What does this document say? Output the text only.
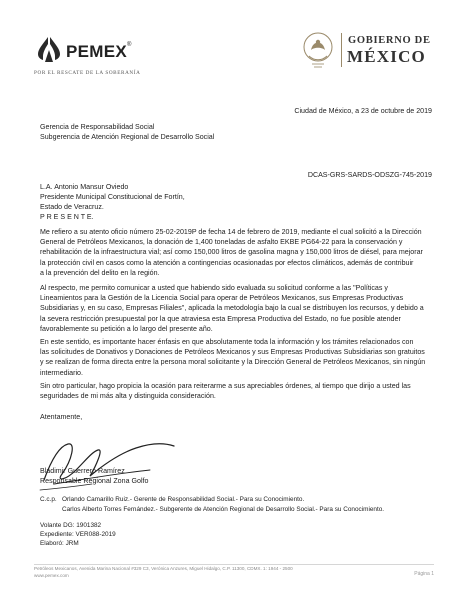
PEMEX®
POR EL RESCATE DE LA SOBERANÍA
GOBIERNO DE
MÉXICO
Ciudad de México, a 23 de octubre de 2019
Gerencia de Responsabilidad Social
Subgerencia de Atención Regional de Desarrollo Social
DCAS-GRS-SARDS-ODSZG-745-2019
L.A. Antonio Mansur Oviedo
Presidente Municipal Constitucional de Fortín,
Estado de Veracruz.
P R E S E N T E.
Me refiero a su atento oficio número 25-02-2019P de fecha 14 de febrero de 2019, mediante el cual solicitó a la Dirección
General de Petróleos Mexicanos, la donación de 1,400 toneladas de asfalto EKBE PG64-22 para la conservación y
rehabilitación de la infraestructura vial; así como 150,000 litros de gasolina magna y 150,000 litros de diésel, para mejorar
la protección civil en casos como la atención a contingencias ocasionadas por efectos climáticos, además de contribuir
a la prevención del delito en la región.
Al respecto, me permito comunicar a usted que habiendo sido evaluada su solicitud conforme a las "Políticas y
Lineamientos para la Gestión de la Licencia Social para operar de Petróleos Mexicanos, sus Empresas Productivas
Subsidiarias y, en su caso, Empresas Filiales", aplicada la metodología bajo la cual se distribuyen los recursos, y debido a
la severa restricción presupuestal por la que atraviesa esta Empresa Productiva del Estado, no fue posible atender
favorablemente su petición a lo largo del presente año.
En este sentido, es importante hacer énfasis en que absolutamente toda la información y los trámites relacionados con
las solicitudes de Donativos y Donaciones de Petróleos Mexicanos y sus Empresas Productivas Subsidiarias son gratuitos
y se realizan de forma directa entre la persona moral solicitante y la Dirección General de Petróleos Mexicanos, sin ningún
intermediario.
Sin otro particular, hago propicia la ocasión para reiterarme a sus apreciables órdenes, al tiempo que dirijo a usted las
seguridades de mi más alta y distinguida consideración.
Atentamente,
Bladimir Guerrero Ramírez
Responsable Regional Zona Golfo
C.c.p. Orlando Camarillo Ruiz.- Gerente de Responsabilidad Social.- Para su Conocimiento.
Carlos Alberto Torres Fernández.- Subgerente de Atención Regional de Desarrollo Social.- Para su Conocimiento.
Volante DG: 1901382
Expediente: VER088-2019
Elaboró: JRM
Petróleos Mexicanos, Avenida Marina Nacional #329 C3, Verónica Anzures, Miguel Hidalgo, C.P. 11300, CDMX. 1: 1944 - 2500
www.pemex.com	Página 1
